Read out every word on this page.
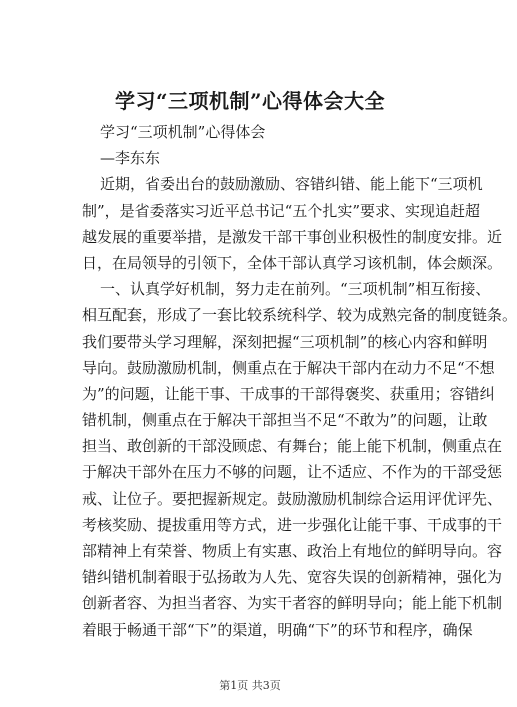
学习“三项机制”心得体会大全
学习“三项机制”心得体会
—李东东
近期，省委出台的鼓励激励、容错纠错、能上能下“三项机
制”，是省委落实习近平总书记“五个扎实”要求、实现追赶超
越发展的重要举措，是激发干部干事创业积极性的制度安排。近
日，在局领导的引领下，全体干部认真学习该机制，体会颇深。
一、认真学好机制，努力走在前列。“三项机制”相互衔接、
相互配套，形成了一套比较系统科学、较为成熟完备的制度链条。
我们要带头学习理解，深刻把握“三项机制”的核心内容和鲜明
导向。鼓励激励机制，侧重点在于解决干部内在动力不足“不想
为”的问题，让能干事、干成事的干部得褒奖、获重用；容错纠
错机制，侧重点在于解决干部担当不足“不敢为”的问题，让敢
担当、敢创新的干部没顾虑、有舞台；能上能下机制，侧重点在
于解决干部外在压力不够的问题，让不适应、不作为的干部受惩
戒、让位子。要把握新规定。鼓励激励机制综合运用评优评先、
考核奖励、提拔重用等方式，进一步强化让能干事、干成事的干
部精神上有荣誉、物质上有实惠、政治上有地位的鲜明导向。容
错纠错机制着眼于弘扬敢为人先、宽容失误的创新精神，强化为
创新者容、为担当者容、为实干者容的鲜明导向；能上能下机制
着眼于畅通干部“下”的渠道，明确“下”的环节和程序，确保
第1页 共3页
